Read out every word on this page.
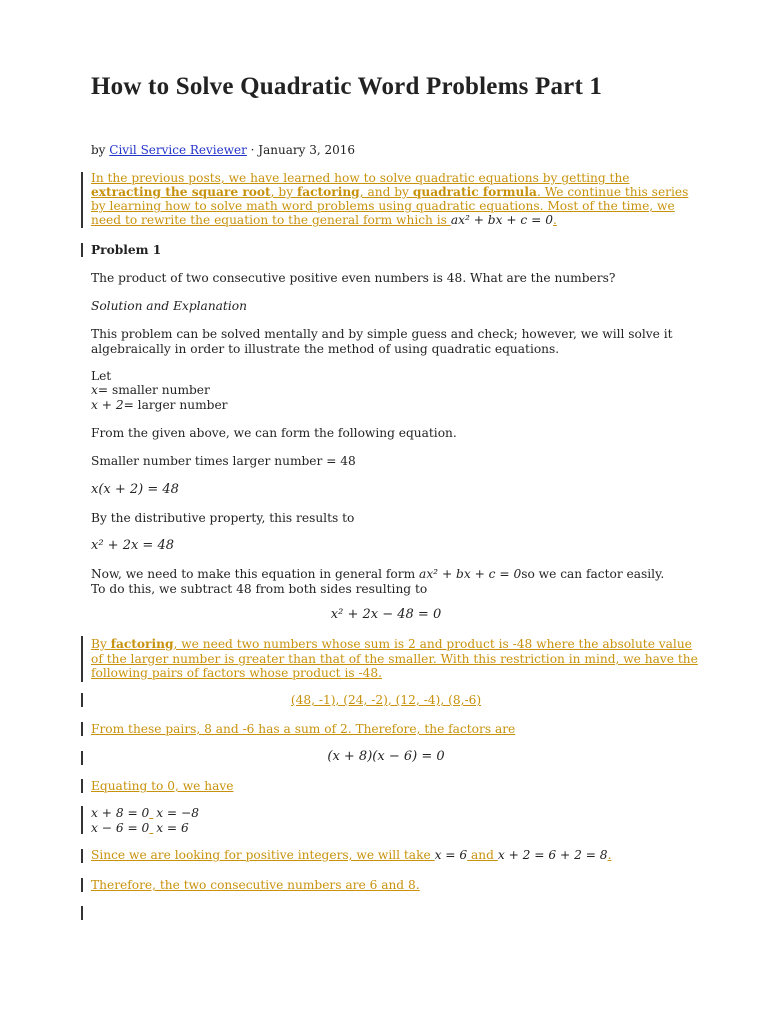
How to Solve Quadratic Word Problems Part 1
by Civil Service Reviewer · January 3, 2016
In the previous posts, we have learned how to solve quadratic equations by getting the
extracting the square root, by factoring, and by quadratic formula. We continue this series
by learning how to solve math word problems using quadratic equations. Most of the time, we
need to rewrite the equation to the general form which is ax² + bx + c = 0.
Problem 1
The product of two consecutive positive even numbers is 48. What are the numbers?
Solution and Explanation
This problem can be solved mentally and by simple guess and check; however, we will solve it
algebraically in order to illustrate the method of using quadratic equations.
Let
x= smaller number
x + 2= larger number
From the given above, we can form the following equation.
Smaller number times larger number = 48
x(x + 2) = 48
By the distributive property, this results to
x² + 2x = 48
Now, we need to make this equation in general form ax² + bx + c = 0so we can factor easily.
To do this, we subtract 48 from both sides resulting to
x² + 2x − 48 = 0
By factoring, we need two numbers whose sum is 2 and product is -48 where the absolute value
of the larger number is greater than that of the smaller. With this restriction in mind, we have the
following pairs of factors whose product is -48.
(48, -1), (24, -2), (12, -4), (8,-6)
From these pairs, 8 and -6 has a sum of 2. Therefore, the factors are
(x + 8)(x − 6) = 0
Equating to 0, we have
x + 8 = 0 x = −8
x − 6 = 0 x = 6
Since we are looking for positive integers, we will take x = 6 and x + 2 = 6 + 2 = 8.
Therefore, the two consecutive numbers are 6 and 8.
